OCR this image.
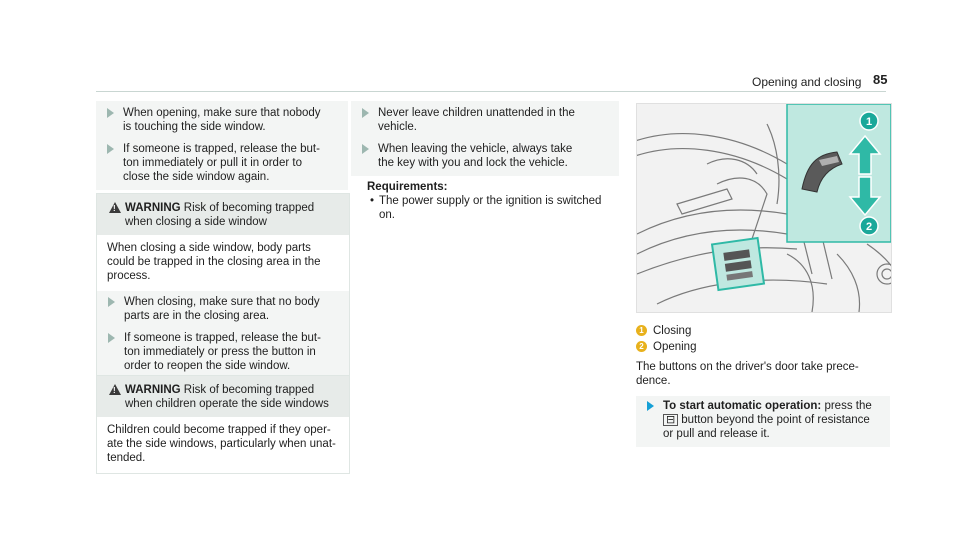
Opening and closing 85
When opening, make sure that nobody
is touching the side window.
If someone is trapped, release the but-
ton immediately or pull it in order to
close the side window again.
!
WARNING Risk of becoming trapped
when closing a side window
When closing a side window, body parts
could be trapped in the closing area in the
process.
When closing, make sure that no body
parts are in the closing area.
If someone is trapped, release the but-
ton immediately or press the button in
order to reopen the side window.
!
WARNING Risk of becoming trapped
when children operate the side windows
Children could become trapped if they oper-
ate the side windows, particularly when unat-
tended.
Never leave children unattended in the
vehicle.
When leaving the vehicle, always take
the key with you and lock the vehicle.
Requirements:
• The power supply or the ignition is switched
on.
1
2
1 Closing
2 Opening
The buttons on the driver's door take prece-
dence.
To start automatic operation: press the
⊟ button beyond the point of resistance
or pull and release it.
